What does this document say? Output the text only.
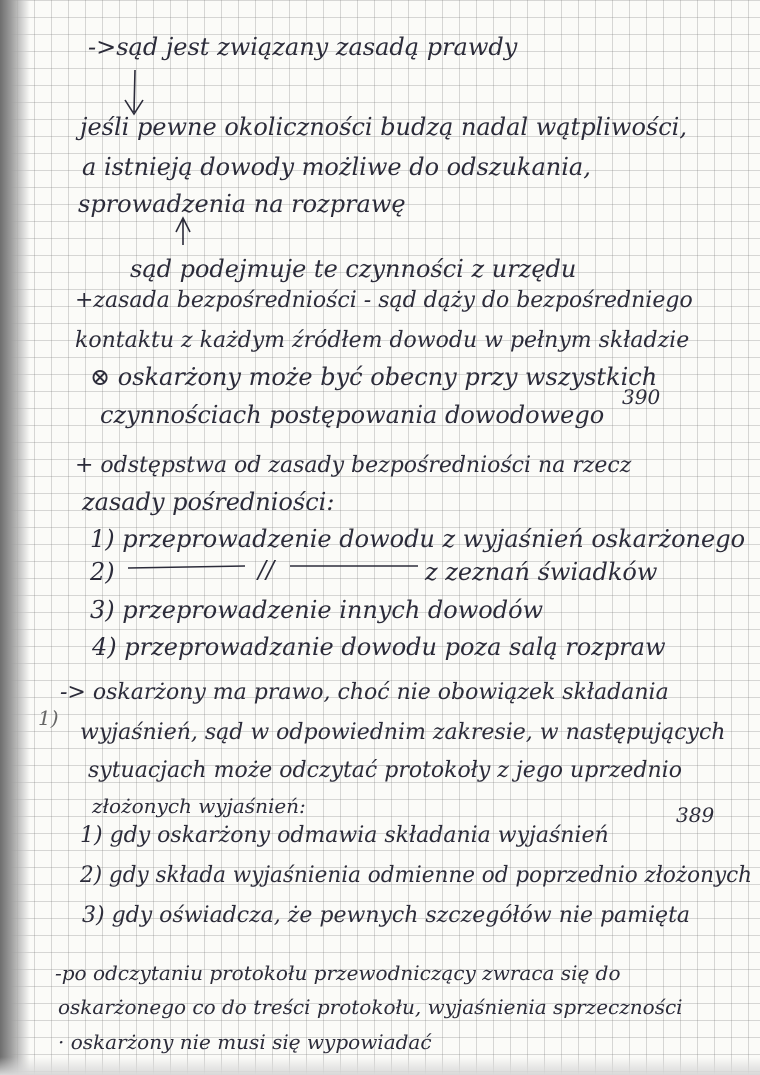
->sąd jest związany zasadą prawdy
jeśli pewne okoliczności budzą nadal wątpliwości,
a istnieją dowody możliwe do odszukania,
sprowadzenia na rozprawę
sąd podejmuje te czynności z urzędu
+zasada bezpośredniości - sąd dąży do bezpośredniego
kontaktu z każdym źródłem dowodu w pełnym składzie
⊗ oskarżony może być obecny przy wszystkich
czynnościach postępowania dowodowego
390
+ odstępstwa od zasady bezpośredniości na rzecz
zasady pośredniości:
1) przeprowadzenie dowodu z wyjaśnień oskarżonego
2)	//	z zeznań świadków
3) przeprowadzenie innych dowodów
4) przeprowadzanie dowodu poza salą rozpraw
1)
-> oskarżony ma prawo, choć nie obowiązek składania
wyjaśnień, sąd w odpowiednim zakresie, w następujących
sytuacjach może odczytać protokoły z jego uprzednio
złożonych wyjaśnień:	389
1) gdy oskarżony odmawia składania wyjaśnień
2) gdy składa wyjaśnienia odmienne od poprzednio złożonych
3) gdy oświadcza, że pewnych szczegółów nie pamięta
-po odczytaniu protokołu przewodniczący zwraca się do
oskarżonego co do treści protokołu, wyjaśnienia sprzeczności
· oskarżony nie musi się wypowiadać
